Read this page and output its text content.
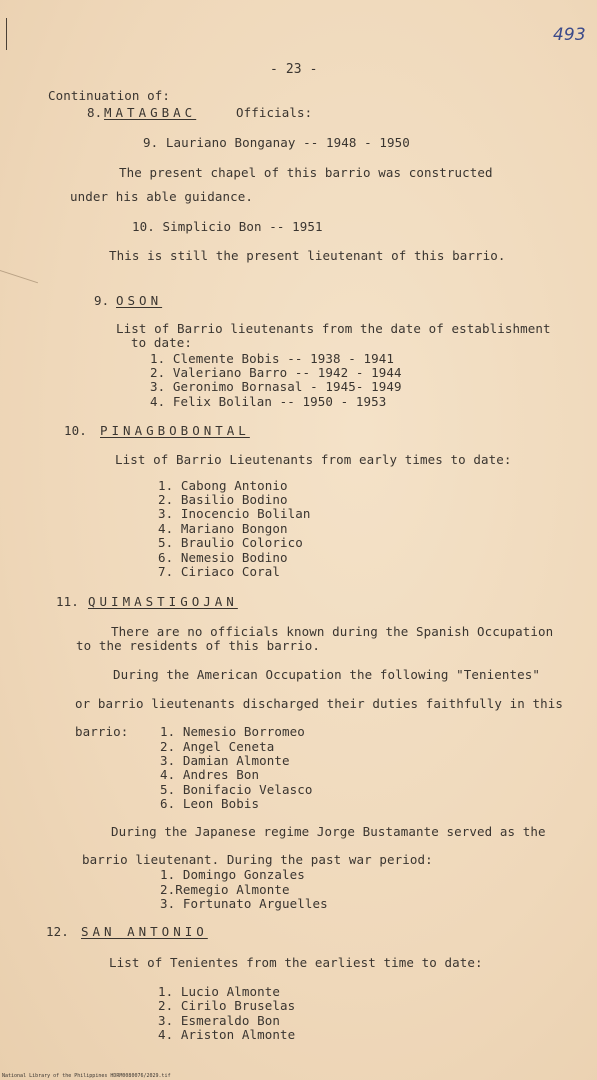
493
- 23 -
Continuation of:
8. MATAGBAC	Officials:
9. Lauriano Bonganay -- 1948 - 1950
The present chapel of this barrio was constructed
under his able guidance.
10. Simplicio Bon -- 1951
This is still the present lieutenant of this barrio.
9. OSON
List of Barrio lieutenants from the date of establishment
to date:
1. Clemente Bobis -- 1938 - 1941
2. Valeriano Barro -- 1942 - 1944
3. Geronimo Bornasal - 1945- 1949
4. Felix Bolilan -- 1950 - 1953
10. PINAGBOBONTAL
List of Barrio Lieutenants from early times to date:
1. Cabong Antonio
2. Basilio Bodino
3. Inocencio Bolilan
4. Mariano Bongon
5. Braulio Colorico
6. Nemesio Bodino
7. Ciriaco Coral
11. QUIMASTIGOJAN
There are no officials known during the Spanish Occupation
to the residents of this barrio.
During the American Occupation the following "Tenientes"
or barrio lieutenants discharged their duties faithfully in this
barrio:	1. Nemesio Borromeo
2. Angel Ceneta
3. Damian Almonte
4. Andres Bon
5. Bonifacio Velasco
6. Leon Bobis
During the Japanese regime Jorge Bustamante served as the
barrio lieutenant. During the past war period:
1. Domingo Gonzales
2.Remegio Almonte
3. Fortunato Arguelles
12. SAN ANTONIO
List of Tenientes from the earliest time to date:
1. Lucio Almonte
2. Cirilo Bruselas
3. Esmeraldo Bon
4. Ariston Almonte
National Library of the Philippines HDRM0080076/2029.tif
